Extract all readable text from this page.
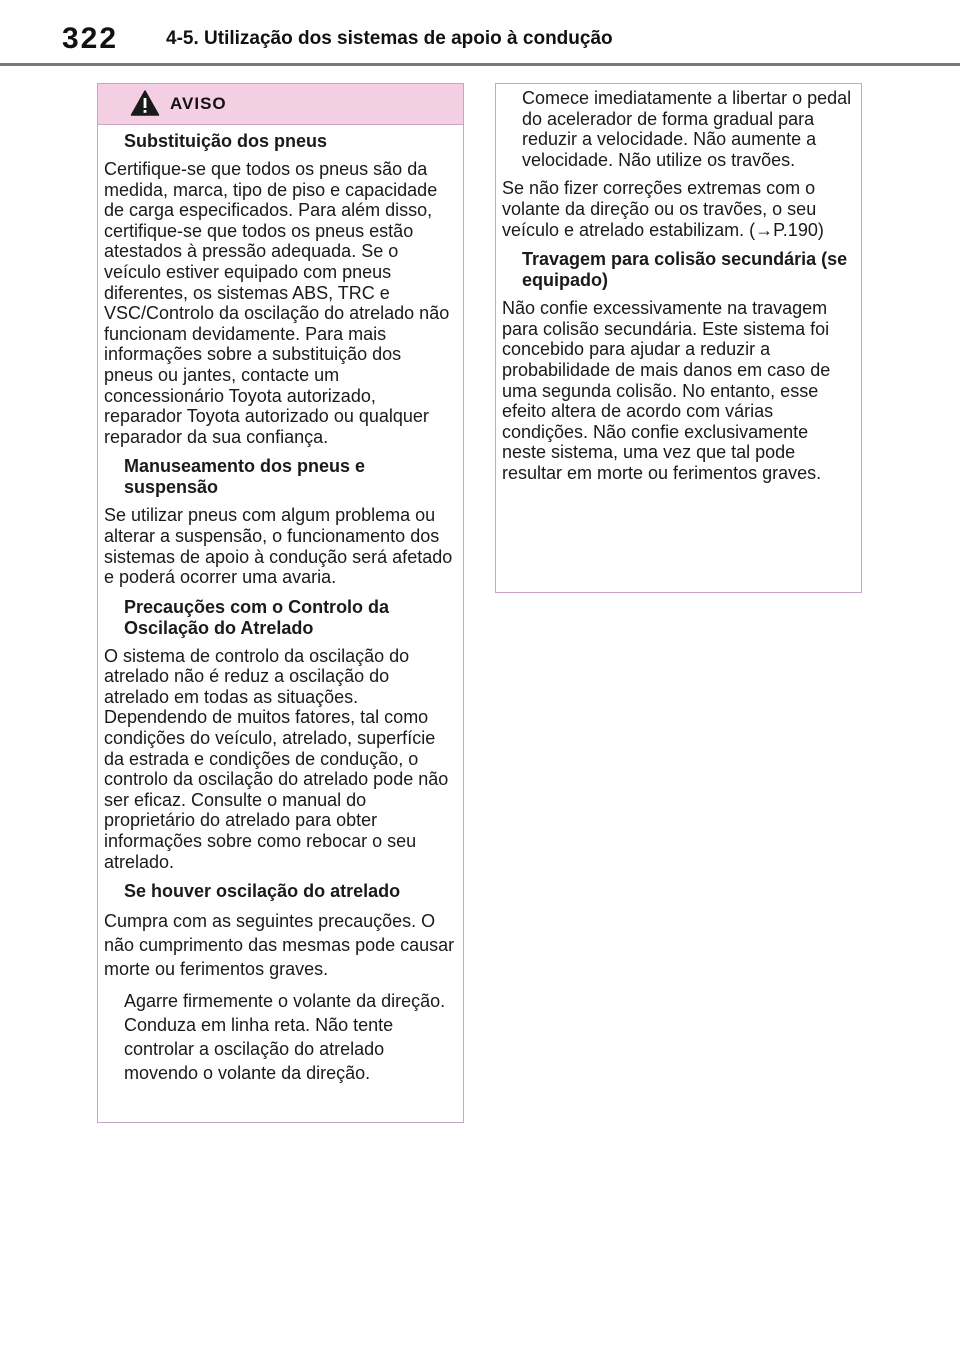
322	4-5. Utilização dos sistemas de apoio à condução
AVISO
Substituição dos pneus

Certifique-se que todos os pneus são da medida, marca, tipo de piso e capacidade de carga especificados. Para além disso, certifique-se que todos os pneus estão atestados à pressão adequada. Se o veículo estiver equipado com pneus diferentes, os sistemas ABS, TRC e VSC/Controlo da oscilação do atrelado não funcionam devidamente. Para mais informações sobre a substituição dos pneus ou jantes, contacte um concessionário Toyota autorizado, reparador Toyota autorizado ou qualquer reparador da sua confiança.

Manuseamento dos pneus e suspensão

Se utilizar pneus com algum problema ou alterar a suspensão, o funcionamento dos sistemas de apoio à condução será afetado e poderá ocorrer uma avaria.

Precauções com o Controlo da Oscilação do Atrelado

O sistema de controlo da oscilação do atrelado não é reduz a oscilação do atrelado em todas as situações. Dependendo de muitos fatores, tal como condições do veículo, atrelado, superfície da estrada e condições de condução, o controlo da oscilação do atrelado pode não ser eficaz. Consulte o manual do proprietário do atrelado para obter informações sobre como rebocar o seu atrelado.

Se houver oscilação do atrelado

Cumpra com as seguintes precauções. O não cumprimento das mesmas pode causar morte ou ferimentos graves.

Agarre firmemente o volante da direção. Conduza em linha reta. Não tente controlar a oscilação do atrelado movendo o volante da direção.

Comece imediatamente a libertar o pedal do acelerador de forma gradual para reduzir a velocidade. Não aumente a velocidade. Não utilize os travões.

Se não fizer correções extremas com o volante da direção ou os travões, o seu veículo e atrelado estabilizam. (→P.190)

Travagem para colisão secundária (se equipado)

Não confie excessivamente na travagem para colisão secundária. Este sistema foi concebido para ajudar a reduzir a probabilidade de mais danos em caso de uma segunda colisão. No entanto, esse efeito altera de acordo com várias condições. Não confie exclusivamente neste sistema, uma vez que tal pode resultar em morte ou ferimentos graves.
